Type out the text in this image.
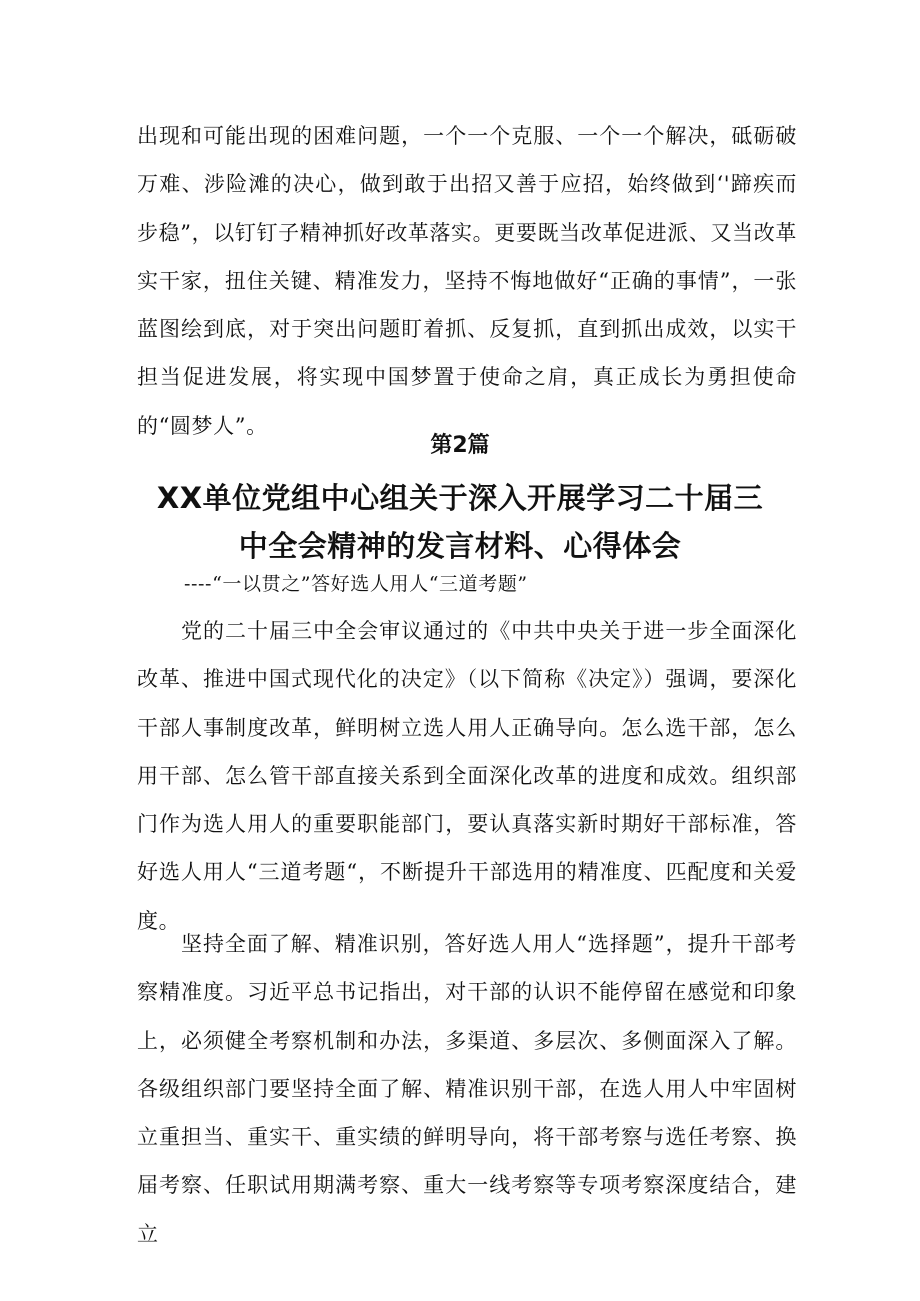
出现和可能出现的困难问题，一个一个克服、一个一个解决，砥砺破万难、涉险滩的决心，做到敢于出招又善于应招，始终做到‘'蹄疾而步稳”，以钉钉子精神抓好改革落实。更要既当改革促进派、又当改革实干家，扭住关键、精准发力，坚持不悔地做好“正确的事情”，一张蓝图绘到底，对于突出问题盯着抓、反复抓，直到抓出成效，以实干担当促进发展，将实现中国梦置于使命之肩，真正成长为勇担使命的“圆梦人”。

第2篇
XX单位党组中心组关于深入开展学习二十届三中全会精神的发言材料、心得体会

----“一以贯之”答好选人用人“三道考题”

党的二十届三中全会审议通过的《中共中央关于进一步全面深化改革、推进中国式现代化的决定》（以下简称《决定》）强调，要深化干部人事制度改革，鲜明树立选人用人正确导向。怎么选干部，怎么用干部、怎么管干部直接关系到全面深化改革的进度和成效。组织部门作为选人用人的重要职能部门，要认真落实新时期好干部标准，答好选人用人“三道考题“，不断提升干部选用的精准度、匹配度和关爱度。

坚持全面了解、精准识别，答好选人用人“选择题”，提升干部考察精准度。习近平总书记指出，对干部的认识不能停留在感觉和印象上，必须健全考察机制和办法，多渠道、多层次、多侧面深入了解。各级组织部门要坚持全面了解、精准识别干部，在选人用人中牢固树立重担当、重实干、重实绩的鲜明导向，将干部考察与选任考察、换届考察、任职试用期满考察、重大一线考察等专项考察深度结合，建立
